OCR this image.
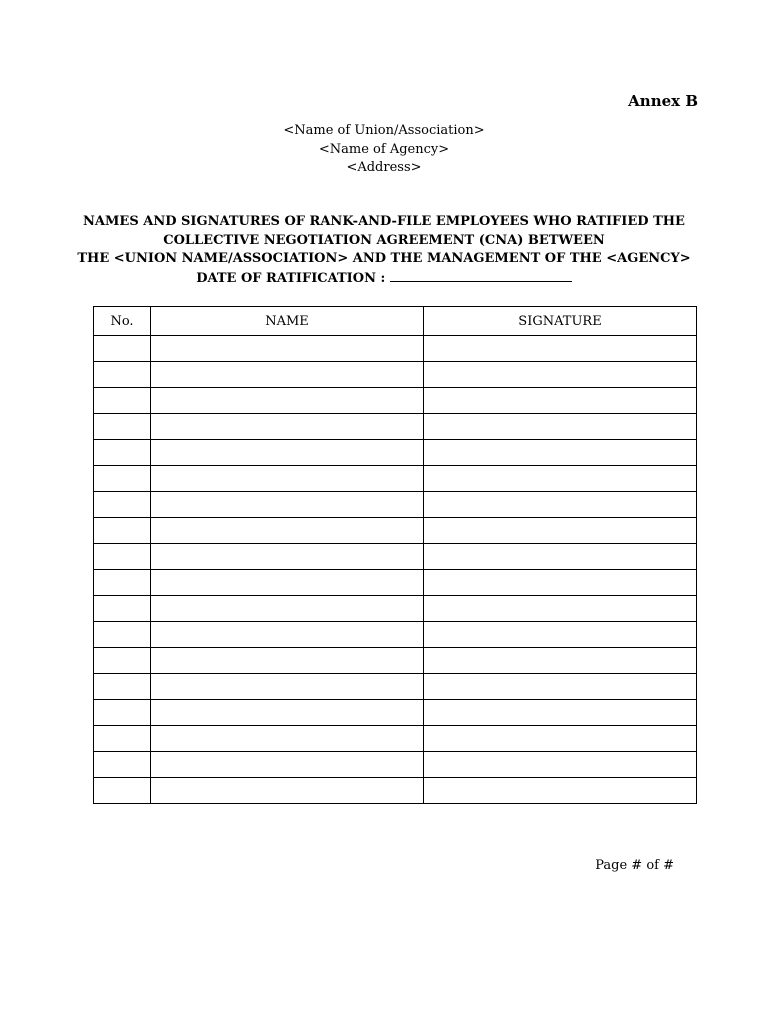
Annex B
<Name of Union/Association>
<Name of Agency>
<Address>
NAMES AND SIGNATURES OF RANK-AND-FILE EMPLOYEES WHO RATIFIED THE
COLLECTIVE NEGOTIATION AGREEMENT (CNA) BETWEEN
THE <UNION NAME/ASSOCIATION> AND THE MANAGEMENT OF THE <AGENCY>
DATE OF RATIFICATION :
No.	NAME	SIGNATURE

Page # of #
